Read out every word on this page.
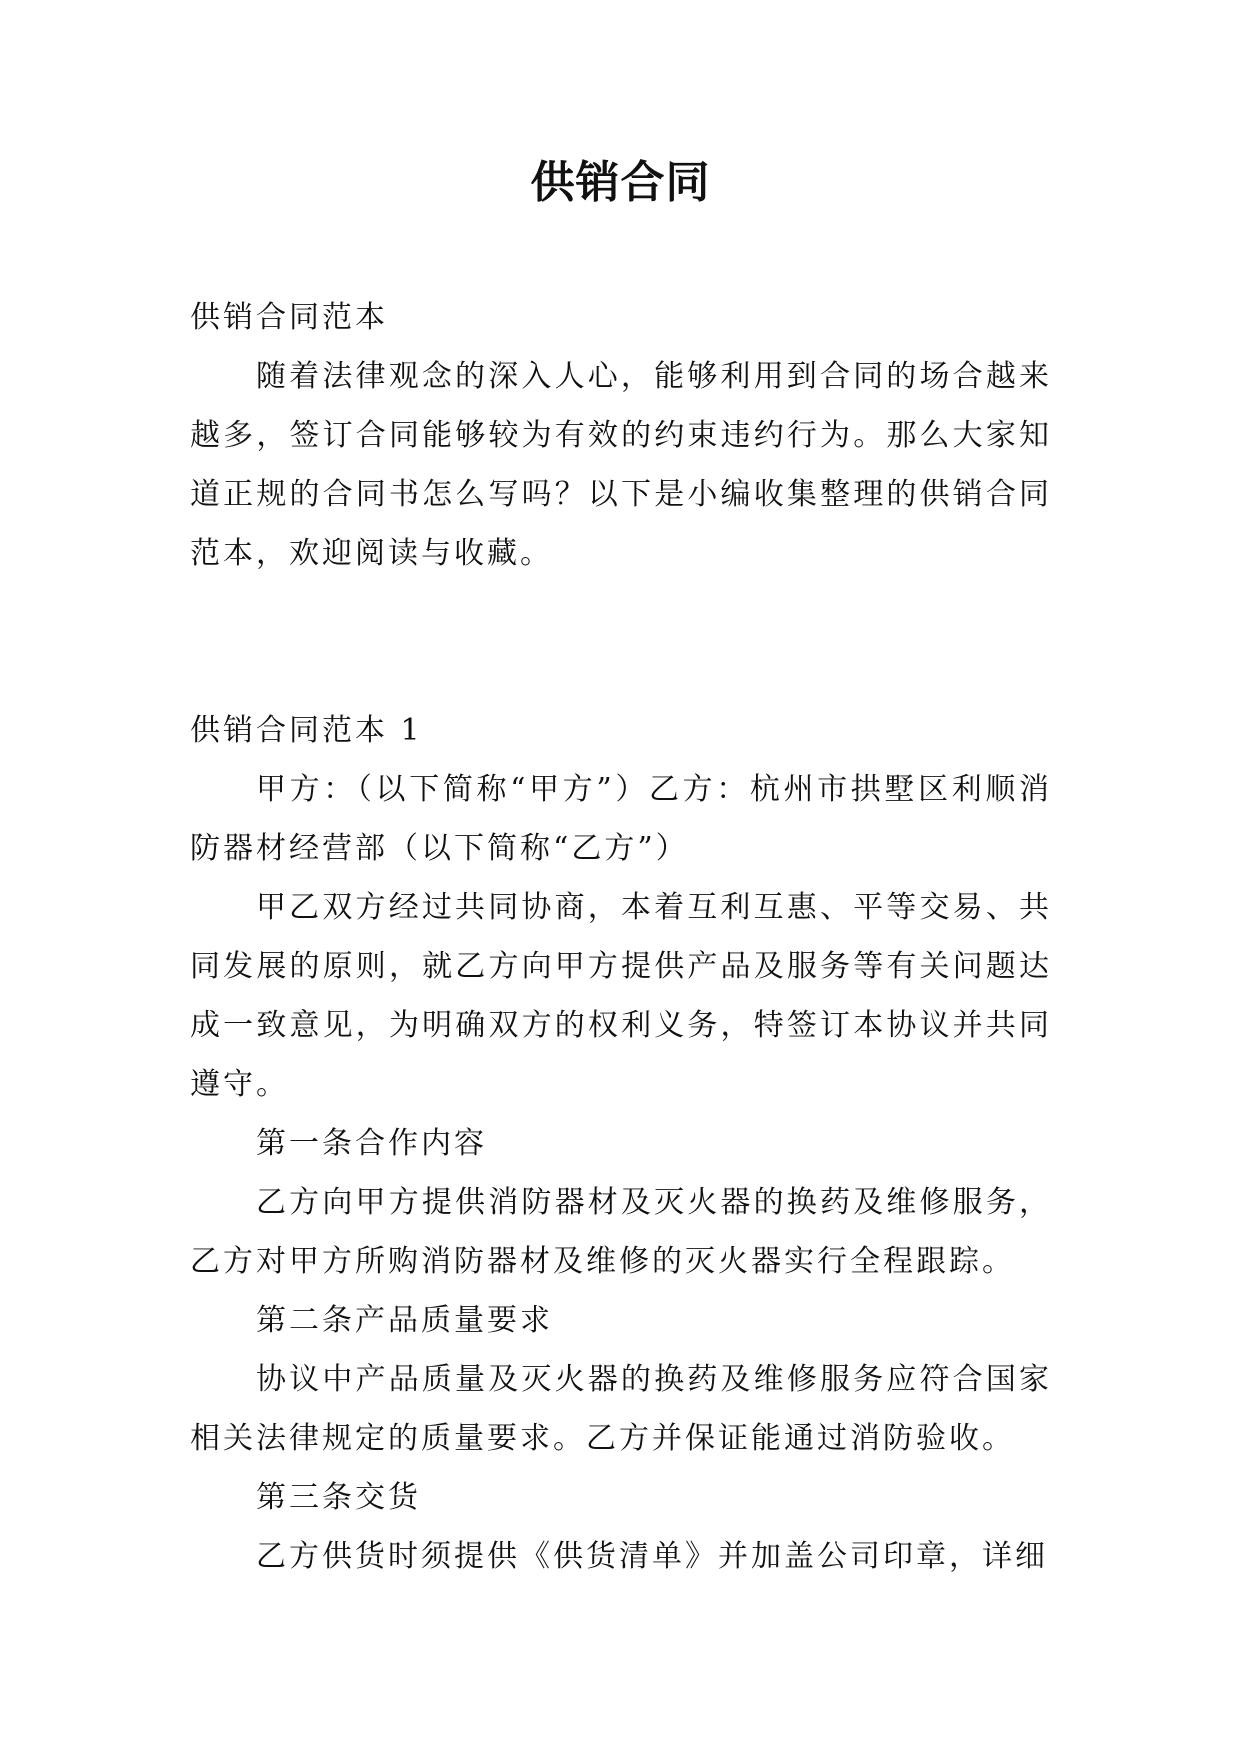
供销合同

供销合同范本

随着法律观念的深入人心，能够利用到合同的场合越来越多，签订合同能够较为有效的约束违约行为。那么大家知道正规的合同书怎么写吗？以下是小编收集整理的供销合同范本，欢迎阅读与收藏。

供销合同范本 1

甲方：（以下简称“甲方”）乙方：杭州市拱墅区利顺消防器材经营部（以下简称“乙方”）

甲乙双方经过共同协商，本着互利互惠、平等交易、共同发展的原则，就乙方向甲方提供产品及服务等有关问题达成一致意见，为明确双方的权利义务，特签订本协议并共同遵守。

第一条合作内容

乙方向甲方提供消防器材及灭火器的换药及维修服务，乙方对甲方所购消防器材及维修的灭火器实行全程跟踪。

第二条产品质量要求

协议中产品质量及灭火器的换药及维修服务应符合国家相关法律规定的质量要求。乙方并保证能通过消防验收。

第三条交货

乙方供货时须提供《供货清单》并加盖公司印章，详细
